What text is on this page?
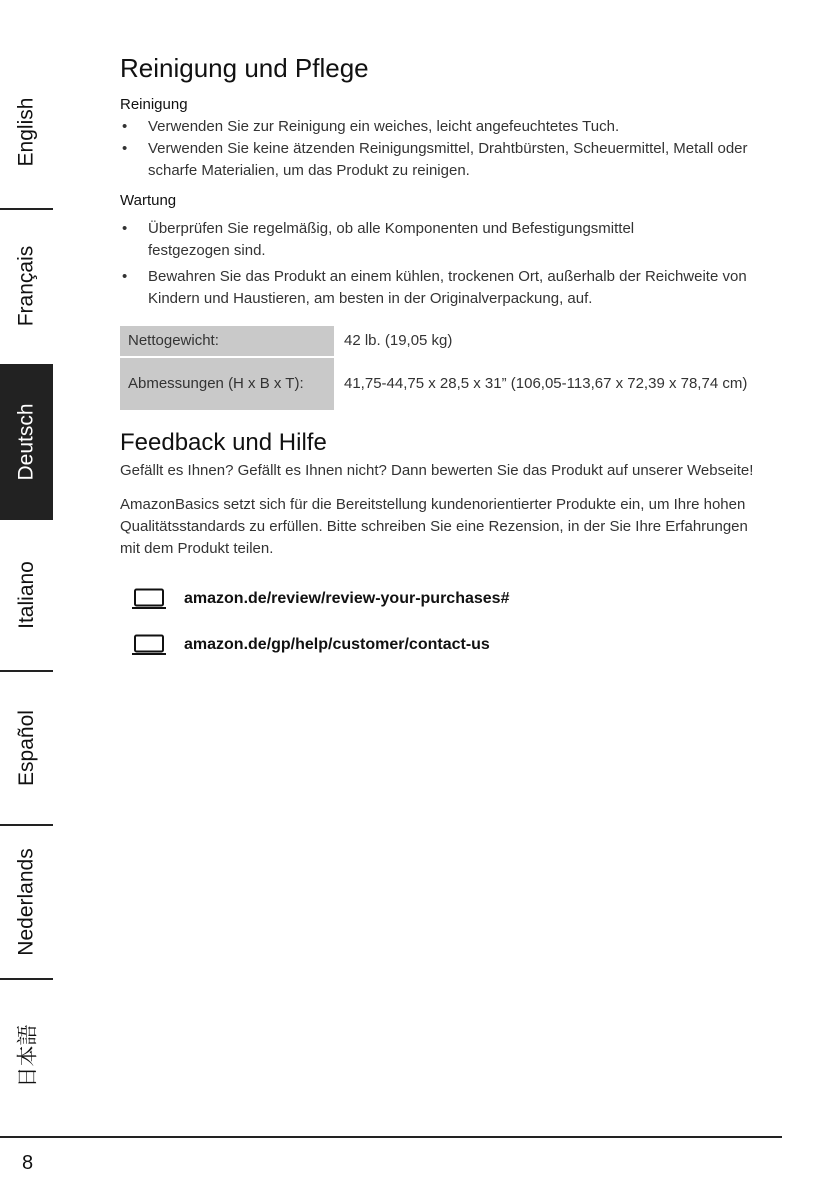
English
Français
Deutsch
Italiano
Español
Nederlands
日本語
Reinigung und Pflege
Reinigung
• Verwenden Sie zur Reinigung ein weiches, leicht angefeuchtetes Tuch.
• Verwenden Sie keine ätzenden Reinigungsmittel, Drahtbürsten, Scheuermittel, Metall oder scharfe Materialien, um das Produkt zu reinigen.
Wartung
• Überprüfen Sie regelmäßig, ob alle Komponenten und Befestigungsmittel festgezogen sind.
• Bewahren Sie das Produkt an einem kühlen, trockenen Ort, außerhalb der Reichweite von Kindern und Haustieren, am besten in der Originalverpackung, auf.
Nettogewicht:	42 lb. (19,05 kg)
Abmessungen (H x B x T):	41,75-44,75 x 28,5 x 31” (106,05-113,67 x 72,39 x 78,74 cm)
Feedback und Hilfe

Gefällt es Ihnen? Gefällt es Ihnen nicht? Dann bewerten Sie das Produkt auf unserer Webseite!

AmazonBasics setzt sich für die Bereitstellung kundenorientierter Produkte ein, um Ihre hohen Qualitätsstandards zu erfüllen. Bitte schreiben Sie eine Rezension, in der Sie Ihre Erfahrungen mit dem Produkt teilen.

amazon.de/review/review-your-purchases#
amazon.de/gp/help/customer/contact-us
8
